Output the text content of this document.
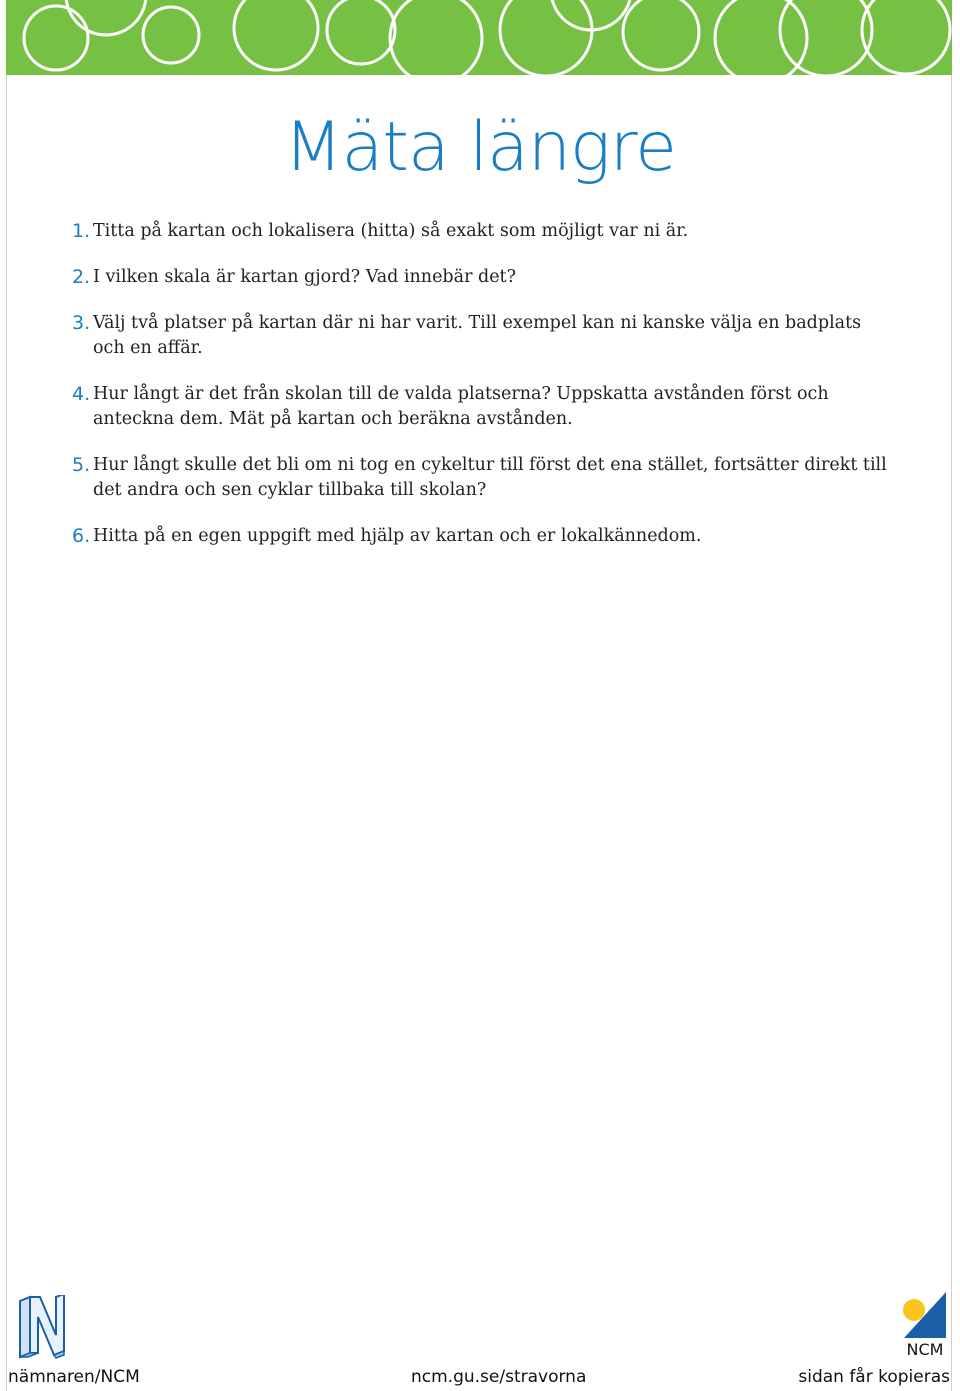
Mäta längre
1. Titta på kartan och lokalisera (hitta) så exakt som möjligt var ni är.
2. I vilken skala är kartan gjord? Vad innebär det?
3. Välj två platser på kartan där ni har varit. Till exempel kan ni kanske välja en badplats och en affär.
4. Hur långt är det från skolan till de valda platserna? Uppskatta avstånden först och anteckna dem. Mät på kartan och beräkna avstånden.
5. Hur långt skulle det bli om ni tog en cykeltur till först det ena stället, fortsätter direkt till det andra och sen cyklar tillbaka till skolan?
6. Hitta på en egen uppgift med hjälp av kartan och er lokalkännedom.
NCM
nämnaren/NCM	ncm.gu.se/stravorna	sidan får kopieras
